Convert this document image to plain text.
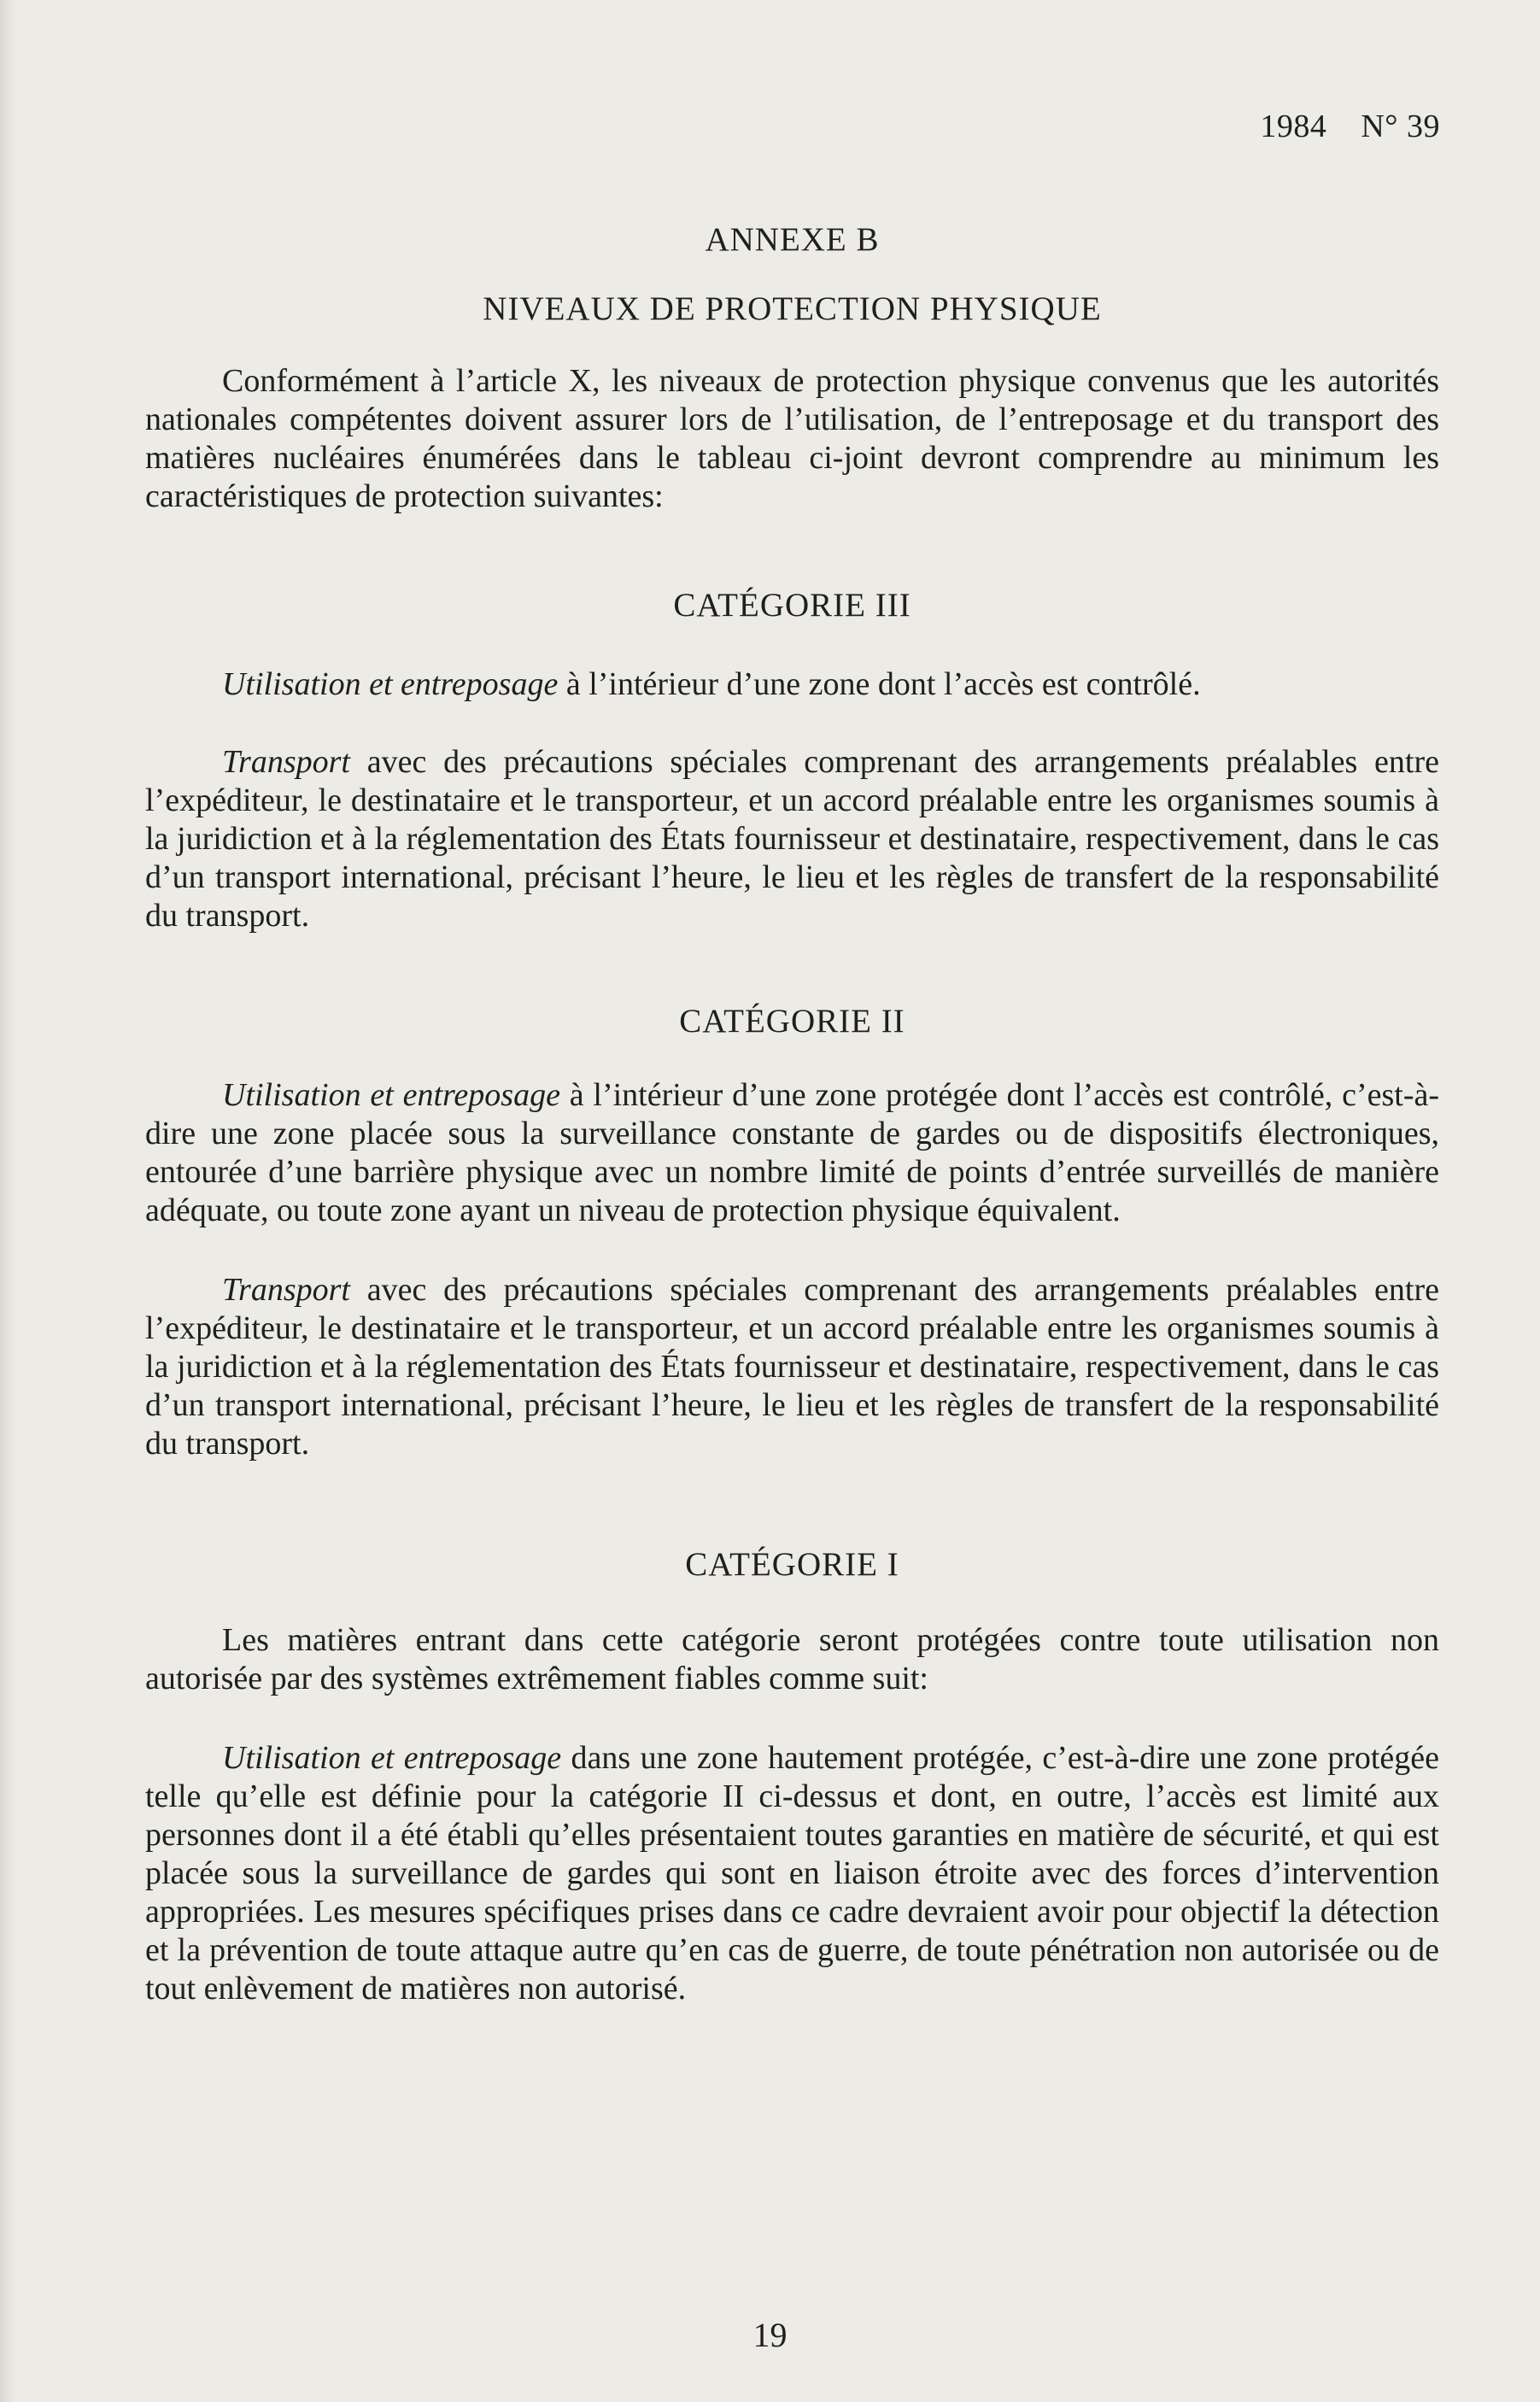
1984 N° 39
ANNEXE B
NIVEAUX DE PROTECTION PHYSIQUE

Conformément à l’article X, les niveaux de protection physique convenus que les autorités nationales compétentes doivent assurer lors de l’utilisation, de l’entreposage et du transport des matières nucléaires énumérées dans le tableau ci-joint devront comprendre au minimum les caractéristiques de protection suivantes:

CATÉGORIE III

Utilisation et entreposage à l’intérieur d’une zone dont l’accès est contrôlé.

Transport avec des précautions spéciales comprenant des arrangements préalables entre l’expéditeur, le destinataire et le transporteur, et un accord préalable entre les organismes soumis à la juridiction et à la réglementation des États fournisseur et destinataire, respectivement, dans le cas d’un transport international, précisant l’heure, le lieu et les règles de transfert de la responsabilité du transport.

CATÉGORIE II

Utilisation et entreposage à l’intérieur d’une zone protégée dont l’accès est contrôlé, c’est-à-dire une zone placée sous la surveillance constante de gardes ou de dispositifs électroniques, entourée d’une barrière physique avec un nombre limité de points d’entrée surveillés de manière adéquate, ou toute zone ayant un niveau de protection physique équivalent.

Transport avec des précautions spéciales comprenant des arrangements préalables entre l’expéditeur, le destinataire et le transporteur, et un accord préalable entre les organismes soumis à la juridiction et à la réglementation des États fournisseur et destinataire, respectivement, dans le cas d’un transport international, précisant l’heure, le lieu et les règles de transfert de la responsabilité du transport.

CATÉGORIE I

Les matières entrant dans cette catégorie seront protégées contre toute utilisation non autorisée par des systèmes extrêmement fiables comme suit:

Utilisation et entreposage dans une zone hautement protégée, c’est-à-dire une zone protégée telle qu’elle est définie pour la catégorie II ci-dessus et dont, en outre, l’accès est limité aux personnes dont il a été établi qu’elles présentaient toutes garanties en matière de sécurité, et qui est placée sous la surveillance de gardes qui sont en liaison étroite avec des forces d’intervention appropriées. Les mesures spécifiques prises dans ce cadre devraient avoir pour objectif la détection et la prévention de toute attaque autre qu’en cas de guerre, de toute pénétration non autorisée ou de tout enlèvement de matières non autorisé.

19
